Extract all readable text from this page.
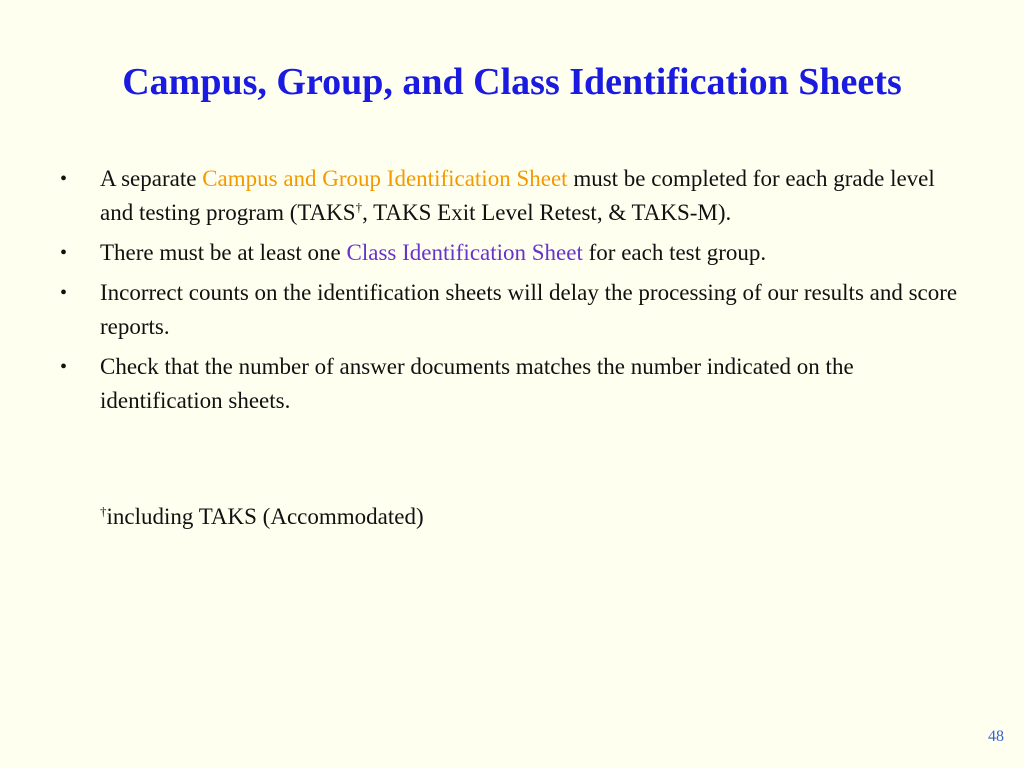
Campus, Group, and Class Identification Sheets
•	A separate Campus and Group Identification Sheet must be completed for each grade level and testing program (TAKS†, TAKS Exit Level Retest, & TAKS-M).
•	There must be at least one Class Identification Sheet for each test group.
•	Incorrect counts on the identification sheets will delay the processing of our results and score reports.
•	Check that the number of answer documents matches the number indicated on the identification sheets.
†including TAKS (Accommodated)
48
